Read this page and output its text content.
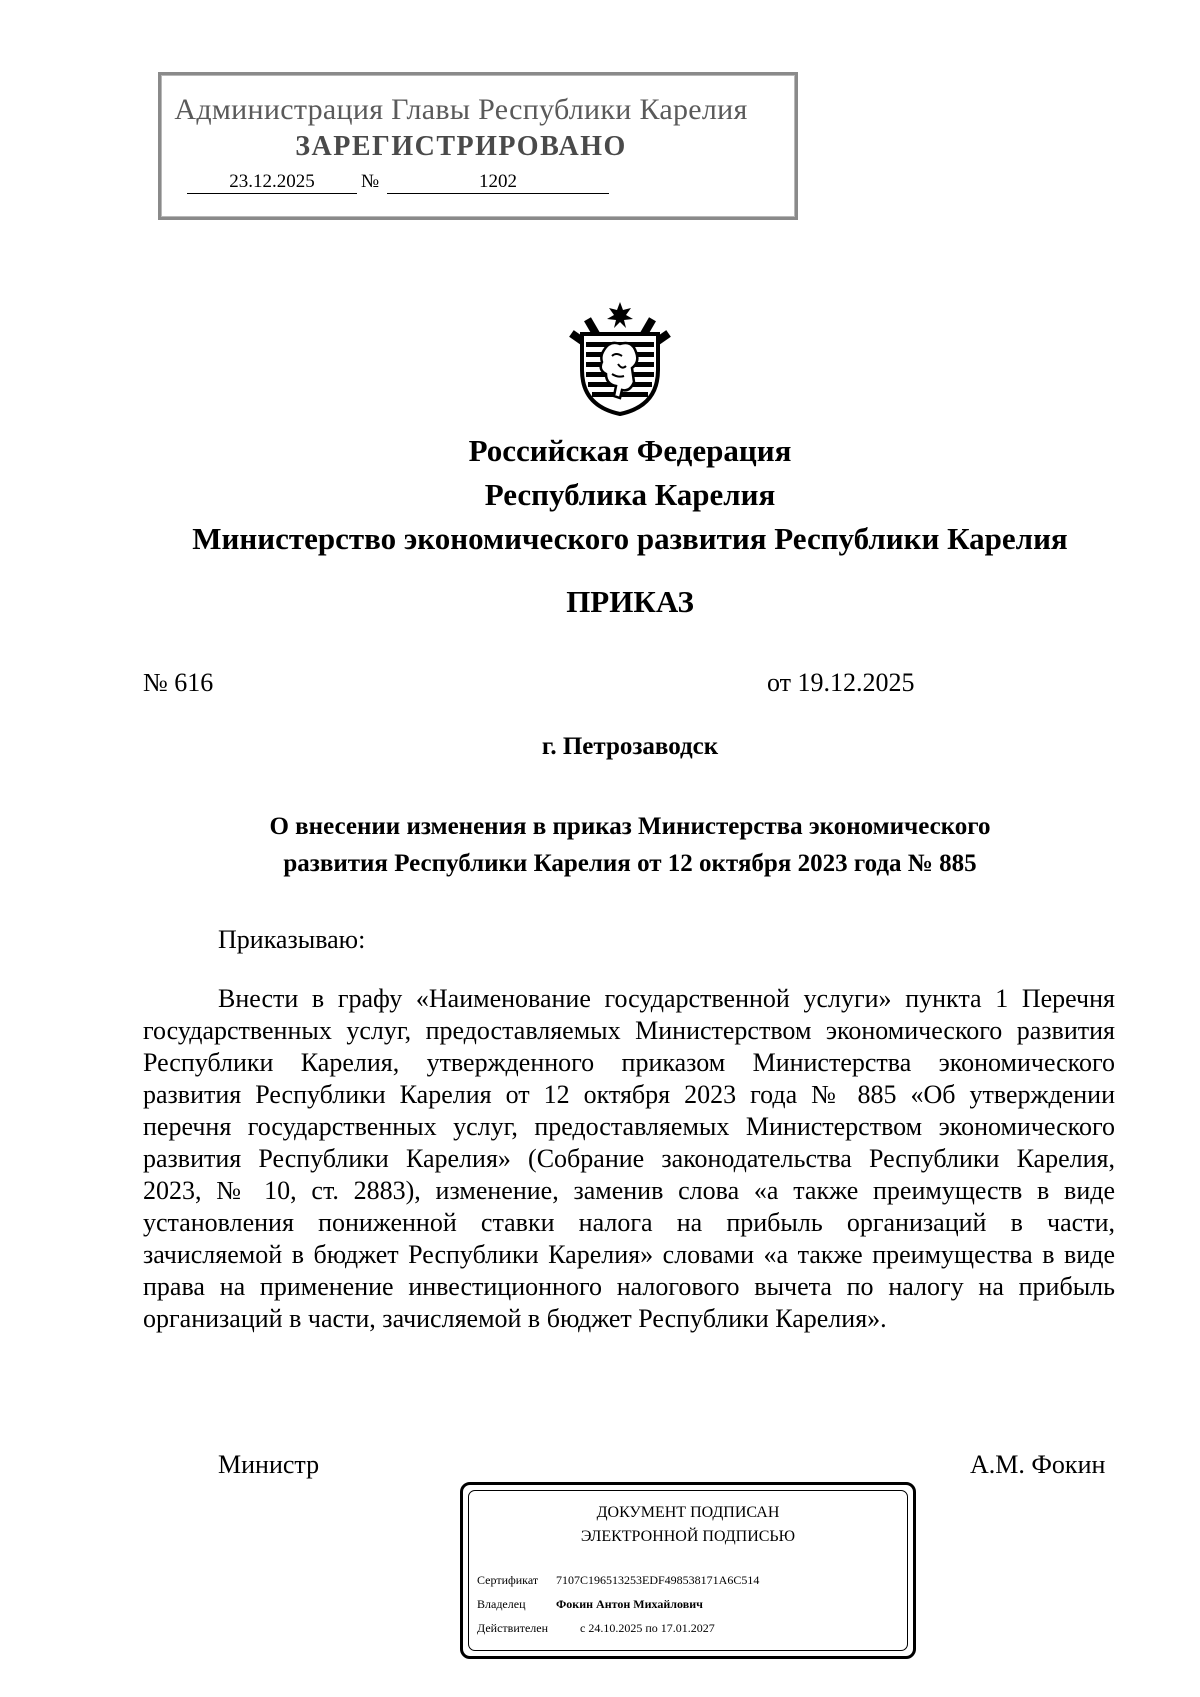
Администрация Главы Республики Карелия
ЗАРЕГИСТРИРОВАНО
23.12.2025	№	1202
Российская Федерация
Республика Карелия
Министерство экономического развития Республики Карелия
ПРИКАЗ
№ 616	от 19.12.2025
г. Петрозаводск
О внесении изменения в приказ Министерства экономического
развития Республики Карелия от 12 октября 2023 года № 885
Приказываю:
Внести в графу «Наименование государственной услуги» пункта 1 Перечня государственных услуг, предоставляемых Министерством экономического развития Республики Карелия, утвержденного приказом Министерства экономического развития Республики Карелия от 12 октября 2023 года № 885 «Об утверждении перечня государственных услуг, предоставляемых Министерством экономического развития Республики Карелия» (Собрание законодательства Республики Карелия, 2023, № 10, ст. 2883), изменение, заменив слова «а также преимуществ в виде установления пониженной ставки налога на прибыль организаций в части, зачисляемой в бюджет Республики Карелия» словами «а также преимущества в виде права на применение инвестиционного налогового вычета по налогу на прибыль организаций в части, зачисляемой в бюджет Республики Карелия».
Министр	А.М. Фокин
ДОКУМЕНТ ПОДПИСАН
ЭЛЕКТРОННОЙ ПОДПИСЬЮ
Сертификат 7107C196513253EDF498538171A6C514
Владелец	Фокин Антон Михайлович
Действителен	с 24.10.2025 по 17.01.2027
